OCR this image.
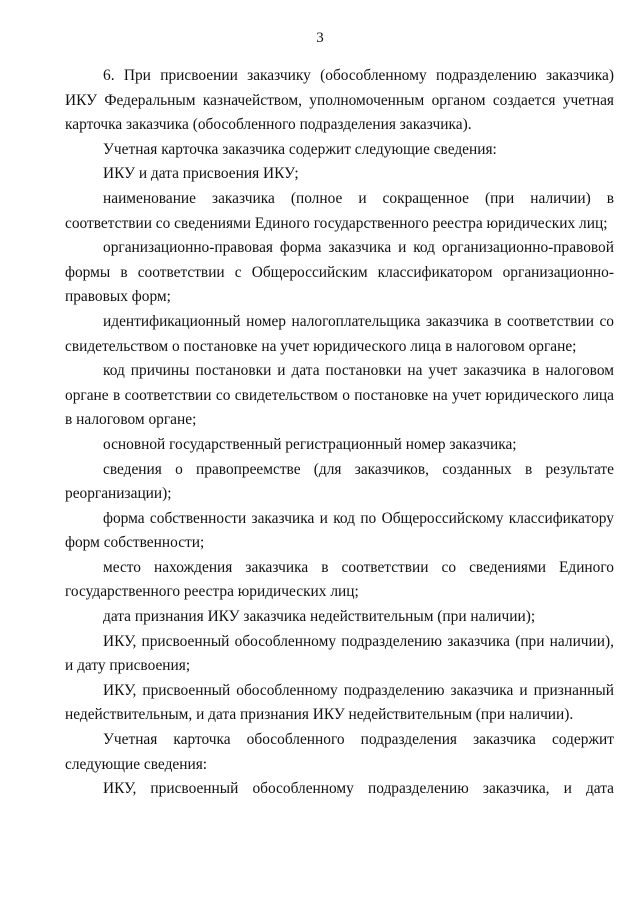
3

6. При присвоении заказчику (обособленному подразделению заказчика) ИКУ Федеральным казначейством, уполномоченным органом создается учетная карточка заказчика (обособленного подразделения заказчика).

Учетная карточка заказчика содержит следующие сведения:

ИКУ и дата присвоения ИКУ;

наименование заказчика (полное и сокращенное (при наличии) в соответствии со сведениями Единого государственного реестра юридических лиц;

организационно-правовая форма заказчика и код организационно-правовой формы в соответствии с Общероссийским классификатором организационно-правовых форм;

идентификационный номер налогоплательщика заказчика в соответствии со свидетельством о постановке на учет юридического лица в налоговом органе;

код причины постановки и дата постановки на учет заказчика в налоговом органе в соответствии со свидетельством о постановке на учет юридического лица в налоговом органе;

основной государственный регистрационный номер заказчика;

сведения о правопреемстве (для заказчиков, созданных в результате реорганизации);

форма собственности заказчика и код по Общероссийскому классификатору форм собственности;

место нахождения заказчика в соответствии со сведениями Единого государственного реестра юридических лиц;

дата признания ИКУ заказчика недействительным (при наличии);

ИКУ, присвоенный обособленному подразделению заказчика (при наличии), и дату присвоения;

ИКУ, присвоенный обособленному подразделению заказчика и признанный недействительным, и дата признания ИКУ недействительным (при наличии).

Учетная карточка обособленного подразделения заказчика содержит следующие сведения:

ИКУ, присвоенный обособленному подразделению заказчика, и дата
